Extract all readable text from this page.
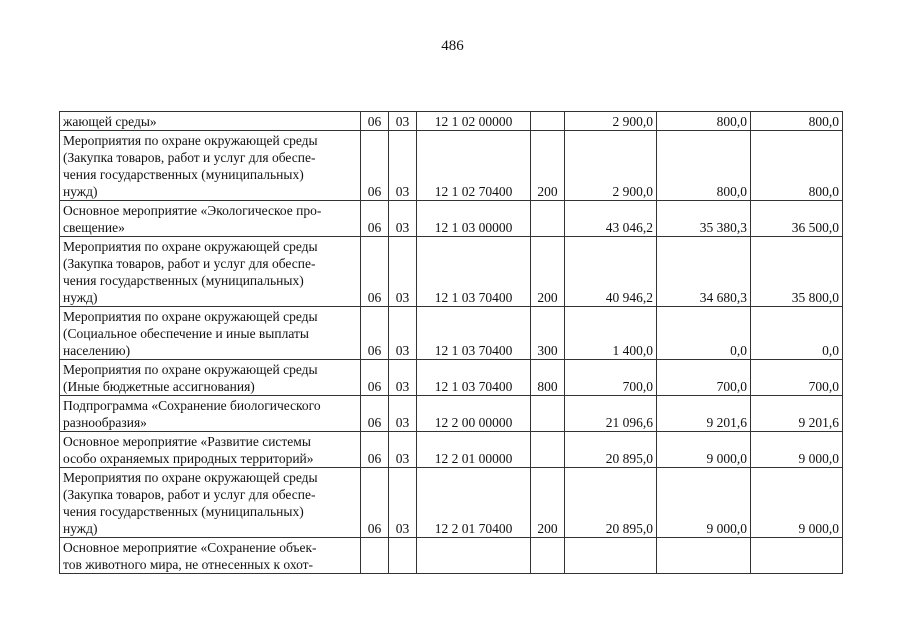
486
жающей среды»	06	03	12 1 02 00000		2 900,0	800,0	800,0
Мероприятия по охране окружающей среды
(Закупка товаров, работ и услуг для обеспе-
чения государственных (муниципальных)
нужд)	06	03	12 1 02 70400	200	2 900,0	800,0	800,0
Основное мероприятие «Экологическое про-
свещение»	06	03	12 1 03 00000		43 046,2	35 380,3	36 500,0
Мероприятия по охране окружающей среды
(Закупка товаров, работ и услуг для обеспе-
чения государственных (муниципальных)
нужд)	06	03	12 1 03 70400	200	40 946,2	34 680,3	35 800,0
Мероприятия по охране окружающей среды
(Социальное обеспечение и иные выплаты
населению)	06	03	12 1 03 70400	300	1 400,0	0,0	0,0
Мероприятия по охране окружающей среды
(Иные бюджетные ассигнования)	06	03	12 1 03 70400	800	700,0	700,0	700,0
Подпрограмма «Сохранение биологического
разнообразия»	06	03	12 2 00 00000		21 096,6	9 201,6	9 201,6
Основное мероприятие «Развитие системы
особо охраняемых природных территорий»	06	03	12 2 01 00000		20 895,0	9 000,0	9 000,0
Мероприятия по охране окружающей среды
(Закупка товаров, работ и услуг для обеспе-
чения государственных (муниципальных)
нужд)	06	03	12 2 01 70400	200	20 895,0	9 000,0	9 000,0
Основное мероприятие «Сохранение объек-
тов животного мира, не отнесенных к охот-							
